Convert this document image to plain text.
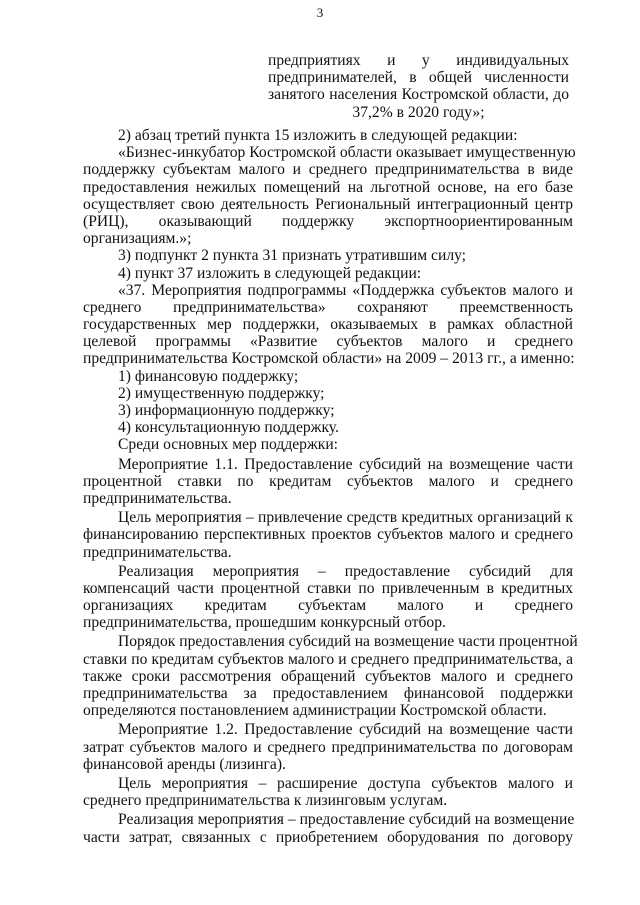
3
предприятиях и у индивидуальных
предпринимателей, в общей численности
занятого населения Костромской области, до
37,2% в 2020 году»;
2) абзац третий пункта 15 изложить в следующей редакции:
«Бизнес-инкубатор Костромской области оказывает имущественную
поддержку субъектам малого и среднего предпринимательства в виде
предоставления нежилых помещений на льготной основе, на его базе
осуществляет свою деятельность Региональный интеграционный центр
(РИЦ), оказывающий поддержку экспортноориентированным
организациям.»;
3) подпункт 2 пункта 31 признать утратившим силу;
4) пункт 37 изложить в следующей редакции:
«37. Мероприятия подпрограммы «Поддержка субъектов малого и
среднего предпринимательства» сохраняют преемственность
государственных мер поддержки, оказываемых в рамках областной
целевой программы «Развитие субъектов малого и среднего
предпринимательства Костромской области» на 2009 – 2013 гг., а именно:
1) финансовую поддержку;
2) имущественную поддержку;
3) информационную поддержку;
4) консультационную поддержку.
Среди основных мер поддержки:
Мероприятие 1.1. Предоставление субсидий на возмещение части
процентной ставки по кредитам субъектов малого и среднего
предпринимательства.
Цель мероприятия – привлечение средств кредитных организаций к
финансированию перспективных проектов субъектов малого и среднего
предпринимательства.
Реализация мероприятия – предоставление субсидий для
компенсаций части процентной ставки по привлеченным в кредитных
организациях кредитам субъектам малого и среднего
предпринимательства, прошедшим конкурсный отбор.
Порядок предоставления субсидий на возмещение части процентной
ставки по кредитам субъектов малого и среднего предпринимательства, а
также сроки рассмотрения обращений субъектов малого и среднего
предпринимательства за предоставлением финансовой поддержки
определяются постановлением администрации Костромской области.
Мероприятие 1.2. Предоставление субсидий на возмещение части
затрат субъектов малого и среднего предпринимательства по договорам
финансовой аренды (лизинга).
Цель мероприятия – расширение доступа субъектов малого и
среднего предпринимательства к лизинговым услугам.
Реализация мероприятия – предоставление субсидий на возмещение
части затрат, связанных с приобретением оборудования по договору
